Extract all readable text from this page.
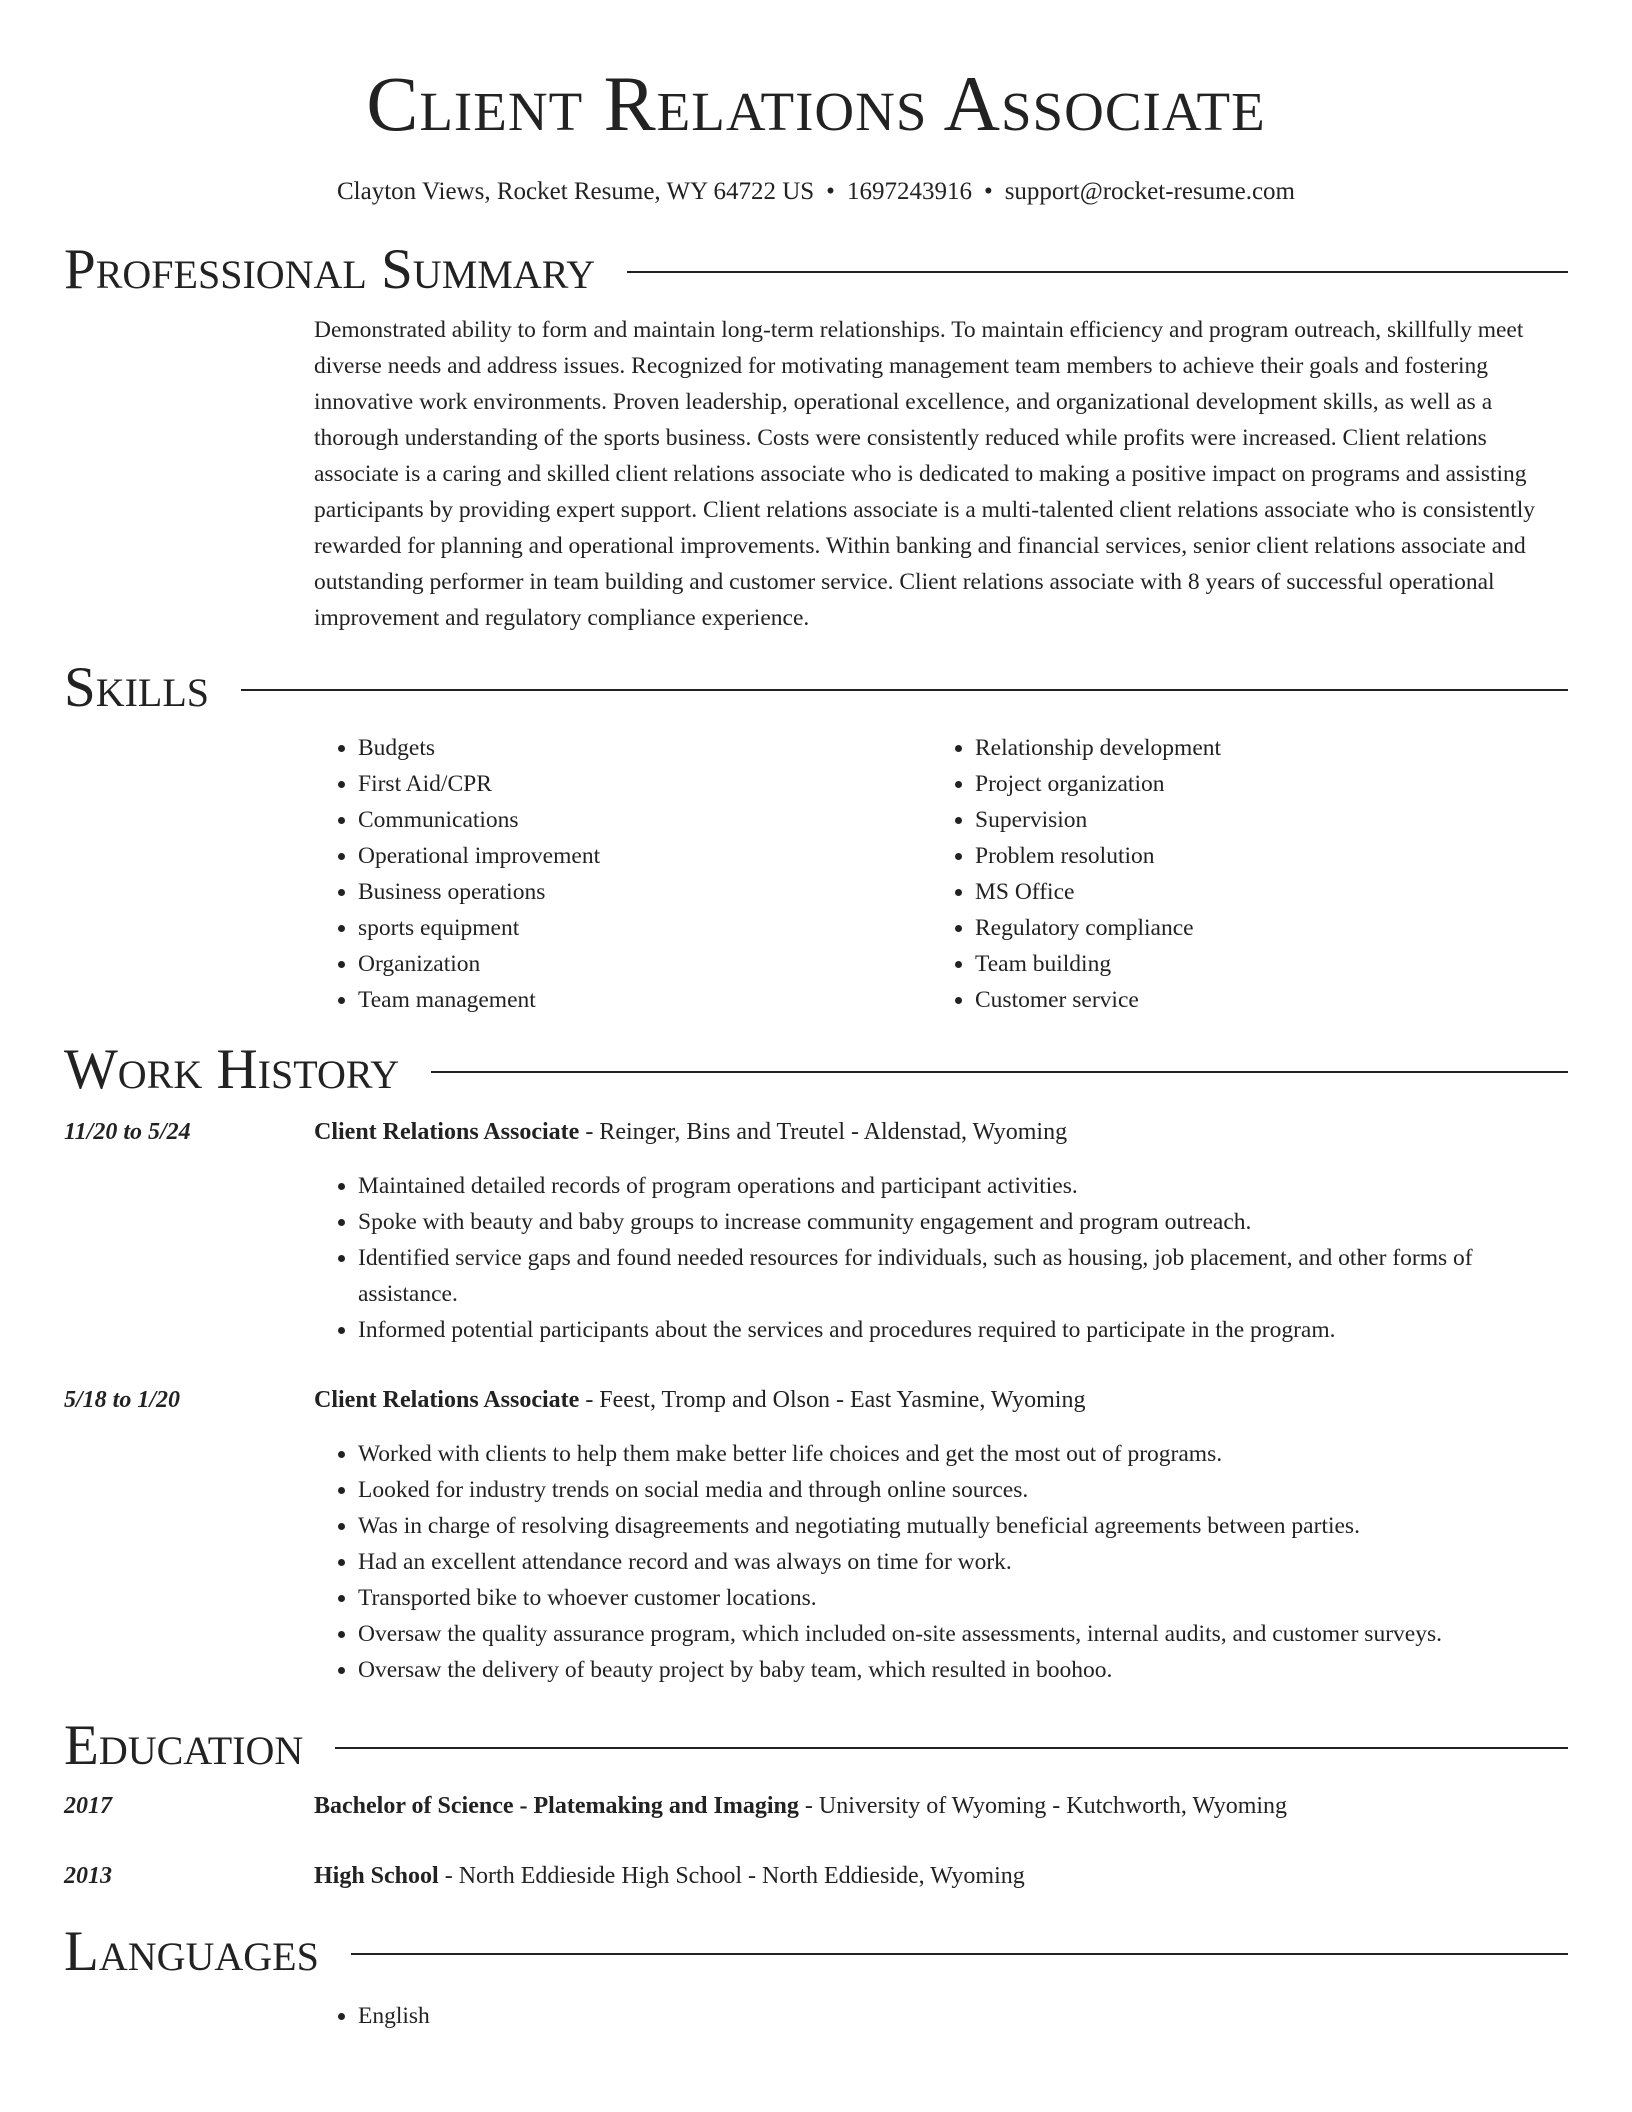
Client Relations Associate
Clayton Views, Rocket Resume, WY 64722 US • 1697243916 • support@rocket-resume.com
Professional Summary
Demonstrated ability to form and maintain long-term relationships. To maintain efficiency and program outreach, skillfully meet diverse needs and address issues. Recognized for motivating management team members to achieve their goals and fostering innovative work environments. Proven leadership, operational excellence, and organizational development skills, as well as a thorough understanding of the sports business. Costs were consistently reduced while profits were increased. Client relations associate is a caring and skilled client relations associate who is dedicated to making a positive impact on programs and assisting participants by providing expert support. Client relations associate is a multi-talented client relations associate who is consistently rewarded for planning and operational improvements. Within banking and financial services, senior client relations associate and outstanding performer in team building and customer service. Client relations associate with 8 years of successful operational improvement and regulatory compliance experience.
Skills
• Budgets
• First Aid/CPR
• Communications
• Operational improvement
• Business operations
• sports equipment
• Organization
• Team management
• Relationship development
• Project organization
• Supervision
• Problem resolution
• MS Office
• Regulatory compliance
• Team building
• Customer service
Work History
11/20 to 5/24	Client Relations Associate - Reinger, Bins and Treutel - Aldenstad, Wyoming
• Maintained detailed records of program operations and participant activities.
• Spoke with beauty and baby groups to increase community engagement and program outreach.
• Identified service gaps and found needed resources for individuals, such as housing, job placement, and other forms of assistance.
• Informed potential participants about the services and procedures required to participate in the program.
5/18 to 1/20	Client Relations Associate - Feest, Tromp and Olson - East Yasmine, Wyoming
• Worked with clients to help them make better life choices and get the most out of programs.
• Looked for industry trends on social media and through online sources.
• Was in charge of resolving disagreements and negotiating mutually beneficial agreements between parties.
• Had an excellent attendance record and was always on time for work.
• Transported bike to whoever customer locations.
• Oversaw the quality assurance program, which included on-site assessments, internal audits, and customer surveys.
• Oversaw the delivery of beauty project by baby team, which resulted in boohoo.
Education
2017	Bachelor of Science - Platemaking and Imaging - University of Wyoming - Kutchworth, Wyoming
2013	High School - North Eddieside High School - North Eddieside, Wyoming
Languages
• English
